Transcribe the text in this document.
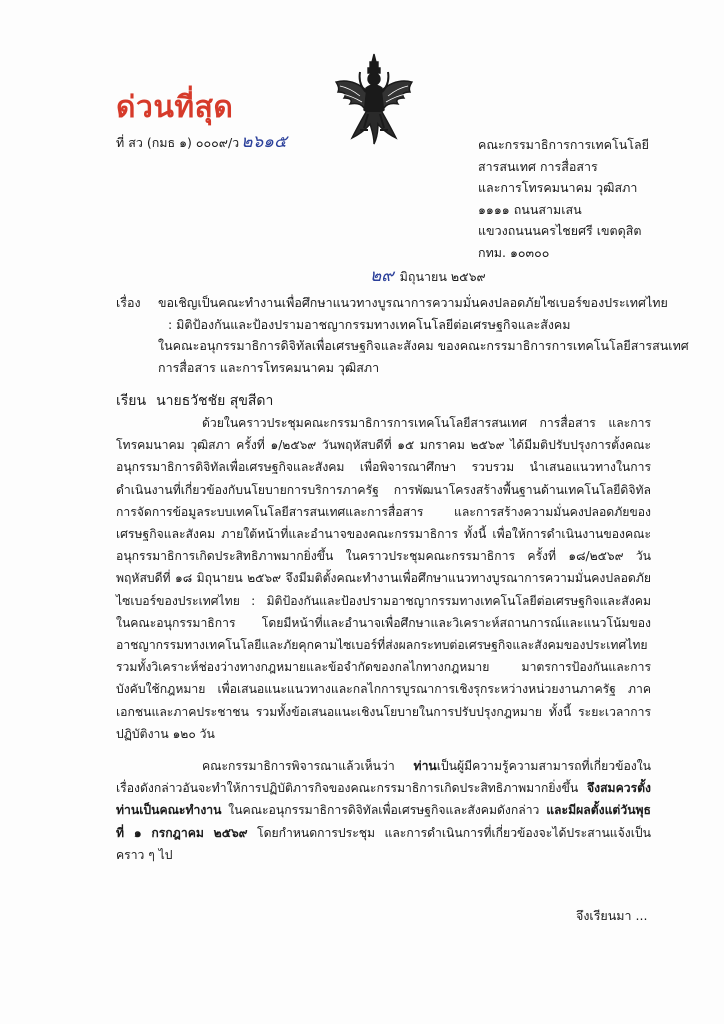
ด่วนที่สุด
ที่ สว (กมธ ๑) ๐๐๐๙/ว ๒๖๑๕	คณะกรรมาธิการการเทคโนโลยี
สารสนเทศ การสื่อสาร
และการโทรคมนาคม วุฒิสภา
๑๑๑๑ ถนนสามเสน
แขวงถนนนครไชยศรี เขตดุสิต
กทม. ๑๐๓๐๐
๒๙ มิถุนายน ๒๕๖๙
เรื่อง ขอเชิญเป็นคณะทำงานเพื่อศึกษาแนวทางบูรณาการความมั่นคงปลอดภัยไซเบอร์ของประเทศไทย
: มิติป้องกันและป้องปรามอาชญากรรมทางเทคโนโลยีต่อเศรษฐกิจและสังคม
ในคณะอนุกรรมาธิการดิจิทัลเพื่อเศรษฐกิจและสังคม ของคณะกรรมาธิการการเทคโนโลยีสารสนเทศ
การสื่อสาร และการโทรคมนาคม วุฒิสภา
เรียน นายธวัชชัย สุขสีดา

ด้วยในคราวประชุมคณะกรรมาธิการการเทคโนโลยีสารสนเทศ การสื่อสาร และการโทรคมนาคม วุฒิสภา ครั้งที่ ๑/๒๕๖๙ วันพฤหัสบดีที่ ๑๕ มกราคม ๒๕๖๙ ได้มีมติปรับปรุงการตั้งคณะอนุกรรมาธิการดิจิทัลเพื่อเศรษฐกิจและสังคม เพื่อพิจารณาศึกษา รวบรวม นำเสนอแนวทางในการดำเนินงานที่เกี่ยวข้องกับนโยบายการบริการภาครัฐ การพัฒนาโครงสร้างพื้นฐานด้านเทคโนโลยีดิจิทัล การจัดการข้อมูลระบบเทคโนโลยีสารสนเทศและการสื่อสาร และการสร้างความมั่นคงปลอดภัยของเศรษฐกิจและสังคม ภายใต้หน้าที่และอำนาจของคณะกรรมาธิการ ทั้งนี้ เพื่อให้การดำเนินงานของคณะอนุกรรมาธิการเกิดประสิทธิภาพมากยิ่งขึ้น ในคราวประชุมคณะกรรมาธิการ ครั้งที่ ๑๘/๒๕๖๙ วันพฤหัสบดีที่ ๑๘ มิถุนายน ๒๕๖๙ จึงมีมติตั้งคณะทำงานเพื่อศึกษาแนวทางบูรณาการความมั่นคงปลอดภัยไซเบอร์ของประเทศไทย : มิติป้องกันและป้องปรามอาชญากรรมทางเทคโนโลยีต่อเศรษฐกิจและสังคม ในคณะอนุกรรมาธิการ โดยมีหน้าที่และอำนาจเพื่อศึกษาและวิเคราะห์สถานการณ์และแนวโน้มของอาชญากรรมทางเทคโนโลยีและภัยคุกคามไซเบอร์ที่ส่งผลกระทบต่อเศรษฐกิจและสังคมของประเทศไทย รวมทั้งวิเคราะห์ช่องว่างทางกฎหมายและข้อจำกัดของกลไกทางกฎหมาย มาตรการป้องกันและการบังคับใช้กฎหมาย เพื่อเสนอแนะแนวทางและกลไกการบูรณาการเชิงรุกระหว่างหน่วยงานภาครัฐ ภาคเอกชนและภาคประชาชน รวมทั้งข้อเสนอแนะเชิงนโยบายในการปรับปรุงกฎหมาย ทั้งนี้ ระยะเวลาการปฏิบัติงาน ๑๒๐ วัน

คณะกรรมาธิการพิจารณาแล้วเห็นว่า ท่านเป็นผู้มีความรู้ความสามารถที่เกี่ยวข้องในเรื่องดังกล่าวอันจะทำให้การปฏิบัติภารกิจของคณะกรรมาธิการเกิดประสิทธิภาพมากยิ่งขึ้น จึงสมควรตั้งท่านเป็นคณะทำงาน ในคณะอนุกรรมาธิการดิจิทัลเพื่อเศรษฐกิจและสังคมดังกล่าว และมีผลตั้งแต่วันพุธที่ ๑ กรกฎาคม ๒๕๖๙ โดยกำหนดการประชุม และการดำเนินการที่เกี่ยวข้องจะได้ประสานแจ้งเป็นคราว ๆ ไป

จึงเรียนมา ...
